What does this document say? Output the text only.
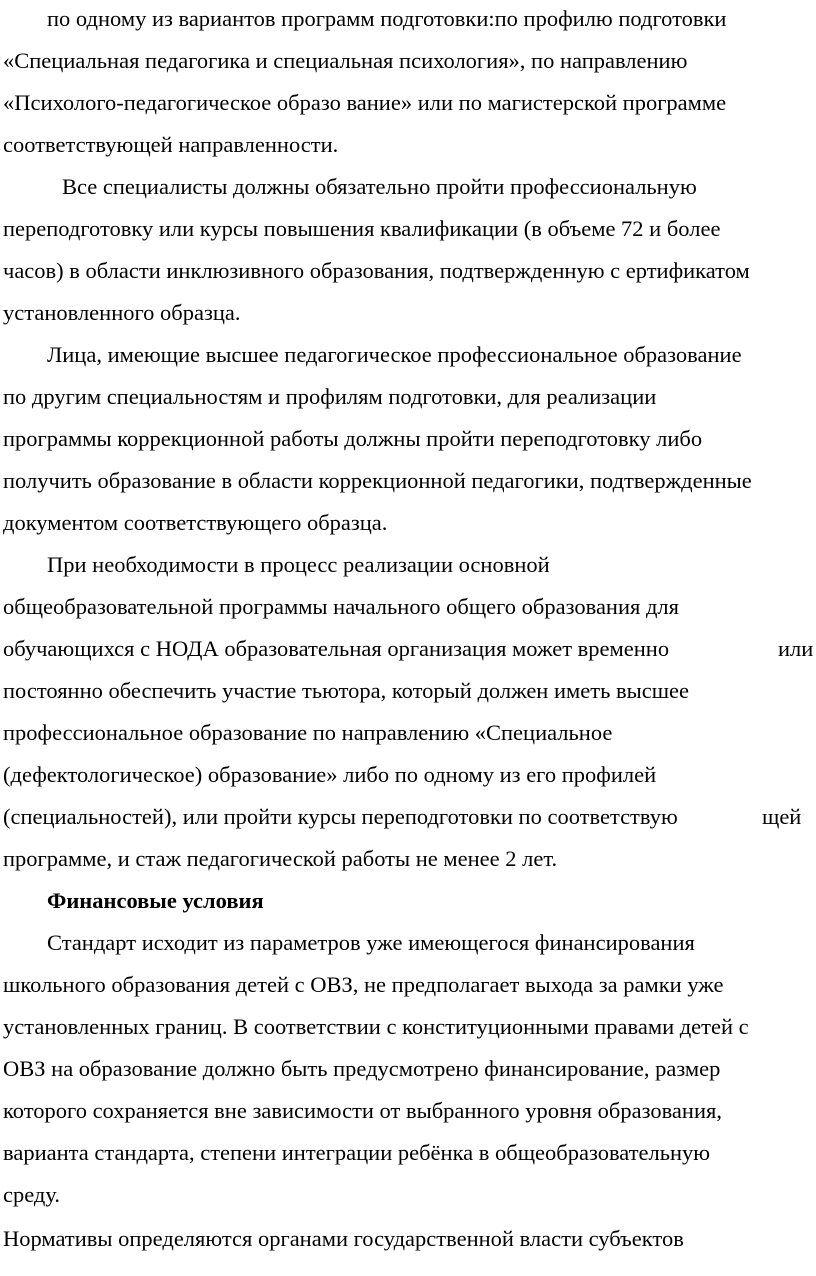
по одному из вариантов программ подготовки:по профилю подготовки
«Специальная педагогика и специальная психология», по направлению
«Психолого-педагогическое образо вание» или по магистерской программе
соответствующей направленности.
Все специалисты должны обязательно пройти профессиональную
переподготовку или курсы повышения квалификации (в объеме 72 и более
часов) в области инклюзивного образования, подтвержденную с ертификатом
установленного образца.
Лица, имеющие высшее педагогическое профессиональное образование
по другим специальностям и профилям подготовки, для реализации
программы коррекционной работы должны пройти переподготовку либо
получить образование в области коррекционной педагогики, подтвержденные
документом соответствующего образца.
При необходимости в процесс реализации основной
общеобразовательной программы начального общего образования для
обучающихся с НОДА образовательная организация может временно	или
постоянно обеспечить участие тьютора, который должен иметь высшее
профессиональное образование по направлению «Специальное
(дефектологическое) образование» либо по одному из его профилей
(специальностей), или пройти курсы переподготовки по соответствую	щей
программе, и стаж педагогической работы не менее 2 лет.
Финансовые условия
Стандарт исходит из параметров уже имеющегося финансирования
школьного образования детей с ОВЗ, не предполагает выхода за рамки уже
установленных границ. В соответствии с конституционными правами детей с
ОВЗ на образование должно быть предусмотрено финансирование, размер
которого сохраняется вне зависимости от выбранного уровня образования,
варианта стандарта, степени интеграции ребёнка в общеобразовательную
среду.
Нормативы определяются органами государственной власти субъектов
